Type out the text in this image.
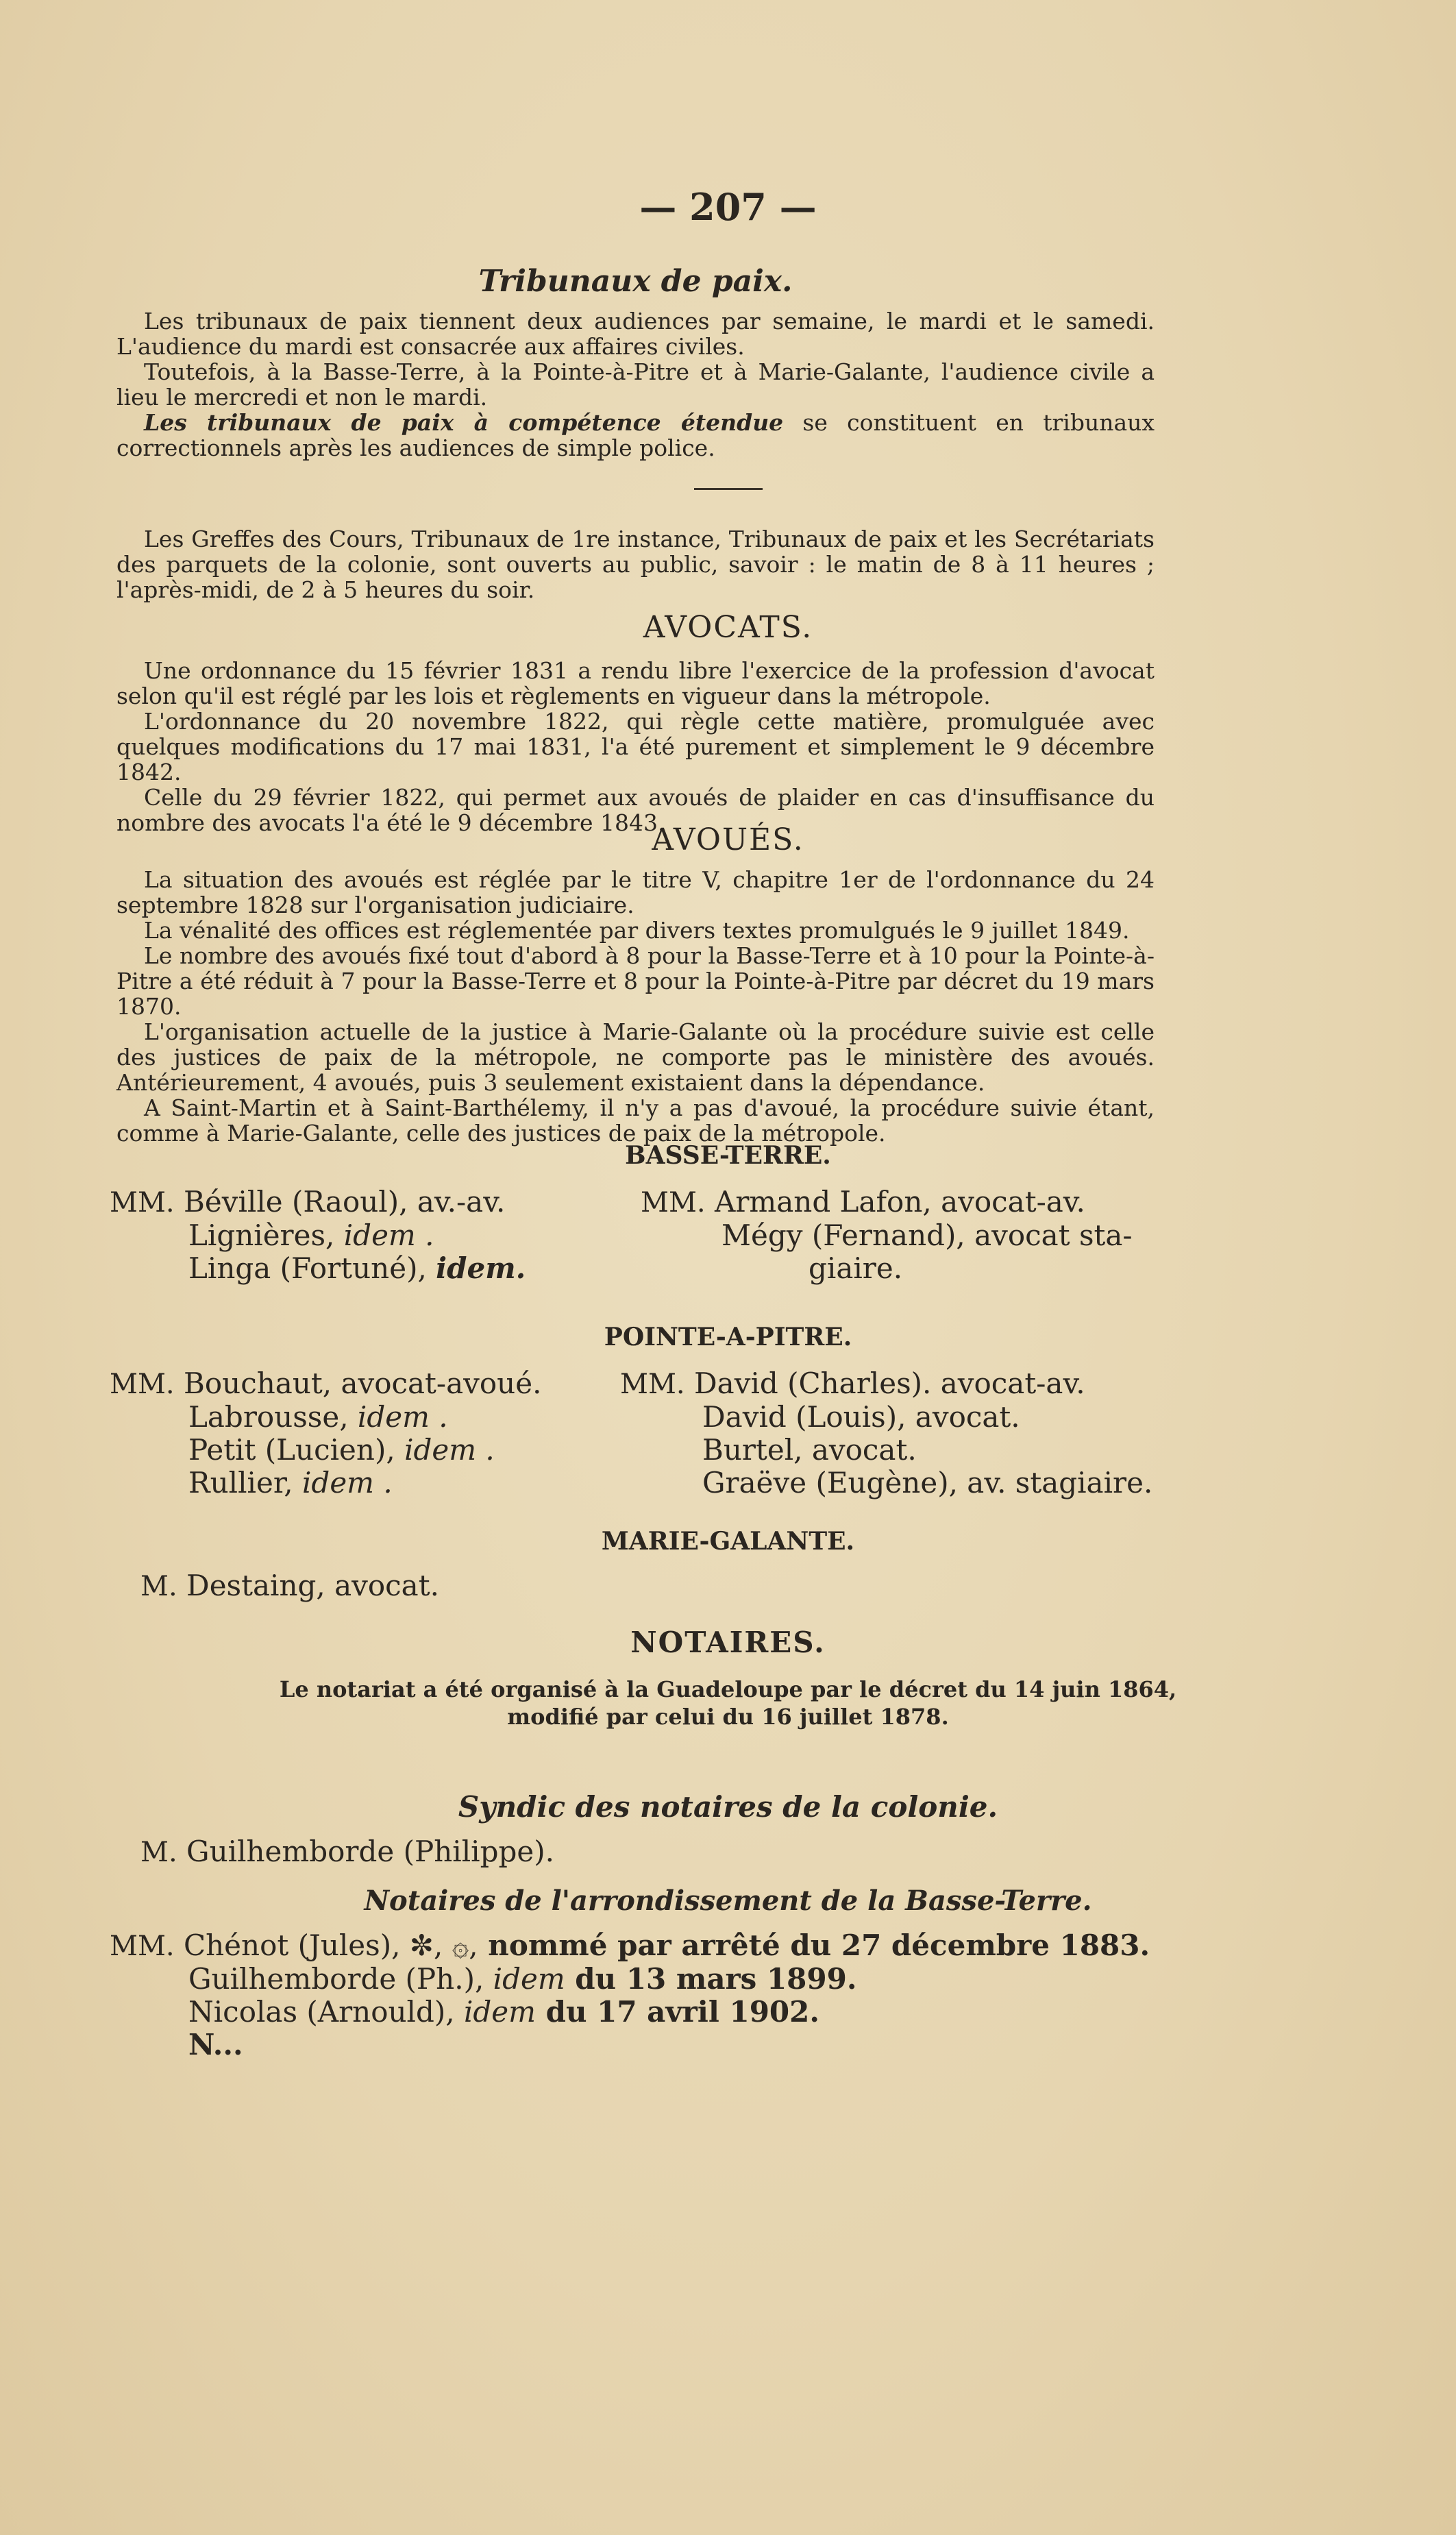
— 207 —
Tribunaux de paix.

Les tribunaux de paix tiennent deux audiences par semaine, le mardi et le samedi. L'audience du mardi est consacrée aux affaires civiles.

Toutefois, à la Basse-Terre, à la Pointe-à-Pitre et à Marie-Galante, l'audience civile a lieu le mercredi et non le mardi.

Les tribunaux de paix à compétence étendue se constituent en tribunaux correctionnels après les audiences de simple police.

Les Greffes des Cours, Tribunaux de 1re instance, Tribunaux de paix et les Secrétariats des parquets de la colonie, sont ouverts au public, savoir : le matin de 8 à 11 heures ; l'après-midi, de 2 à 5 heures du soir.

AVOCATS.

Une ordonnance du 15 février 1831 a rendu libre l'exercice de la profession d'avocat selon qu'il est réglé par les lois et règlements en vigueur dans la métropole.

L'ordonnance du 20 novembre 1822, qui règle cette matière, promulguée avec quelques modifications du 17 mai 1831, l'a été purement et simplement le 9 décembre 1842.

Celle du 29 février 1822, qui permet aux avoués de plaider en cas d'insuffisance du nombre des avocats l'a été le 9 décembre 1843.

AVOUÉS.

La situation des avoués est réglée par le titre V, chapitre 1er de l'ordonnance du 24 septembre 1828 sur l'organisation judiciaire.

La vénalité des offices est réglementée par divers textes promulgués le 9 juillet 1849.

Le nombre des avoués fixé tout d'abord à 8 pour la Basse-Terre et à 10 pour la Pointe-à-Pitre a été réduit à 7 pour la Basse-Terre et 8 pour la Pointe-à-Pitre par décret du 19 mars 1870.

L'organisation actuelle de la justice à Marie-Galante où la procédure suivie est celle des justices de paix de la métropole, ne comporte pas le ministère des avoués. Antérieurement, 4 avoués, puis 3 seulement existaient dans la dépendance.

A Saint-Martin et à Saint-Barthélemy, il n'y a pas d'avoué, la procédure suivie étant, comme à Marie-Galante, celle des justices de paix de la métropole.

BASSE-TERRE.
MM. Béville (Raoul), av.-av.
Lignières, idem .
Linga (Fortuné), idem.
MM. Armand Lafon, avocat-av.
Mégy (Fernand), avocat sta-
giaire.
POINTE-A-PITRE.
MM. Bouchaut, avocat-avoué.
Labrousse, idem .
Petit (Lucien), idem .
Rullier, idem .
MM. David (Charles). avocat-av.
David (Louis), avocat.
Burtel, avocat.
Graëve (Eugène), av. stagiaire.
MARIE-GALANTE.
M. Destaing, avocat.
NOTAIRES.
Le notariat a été organisé à la Guadeloupe par le décret du 14 juin 1864,
modifié par celui du 16 juillet 1878.
Syndic des notaires de la colonie.
M. Guilhemborde (Philippe).
Notaires de l'arrondissement de la Basse-Terre.
MM. Chénot (Jules), ✼, ۞, nommé par arrêté du 27 décembre 1883.
Guilhemborde (Ph.), idem du 13 mars 1899.
Nicolas (Arnould), idem du 17 avril 1902.
N...
